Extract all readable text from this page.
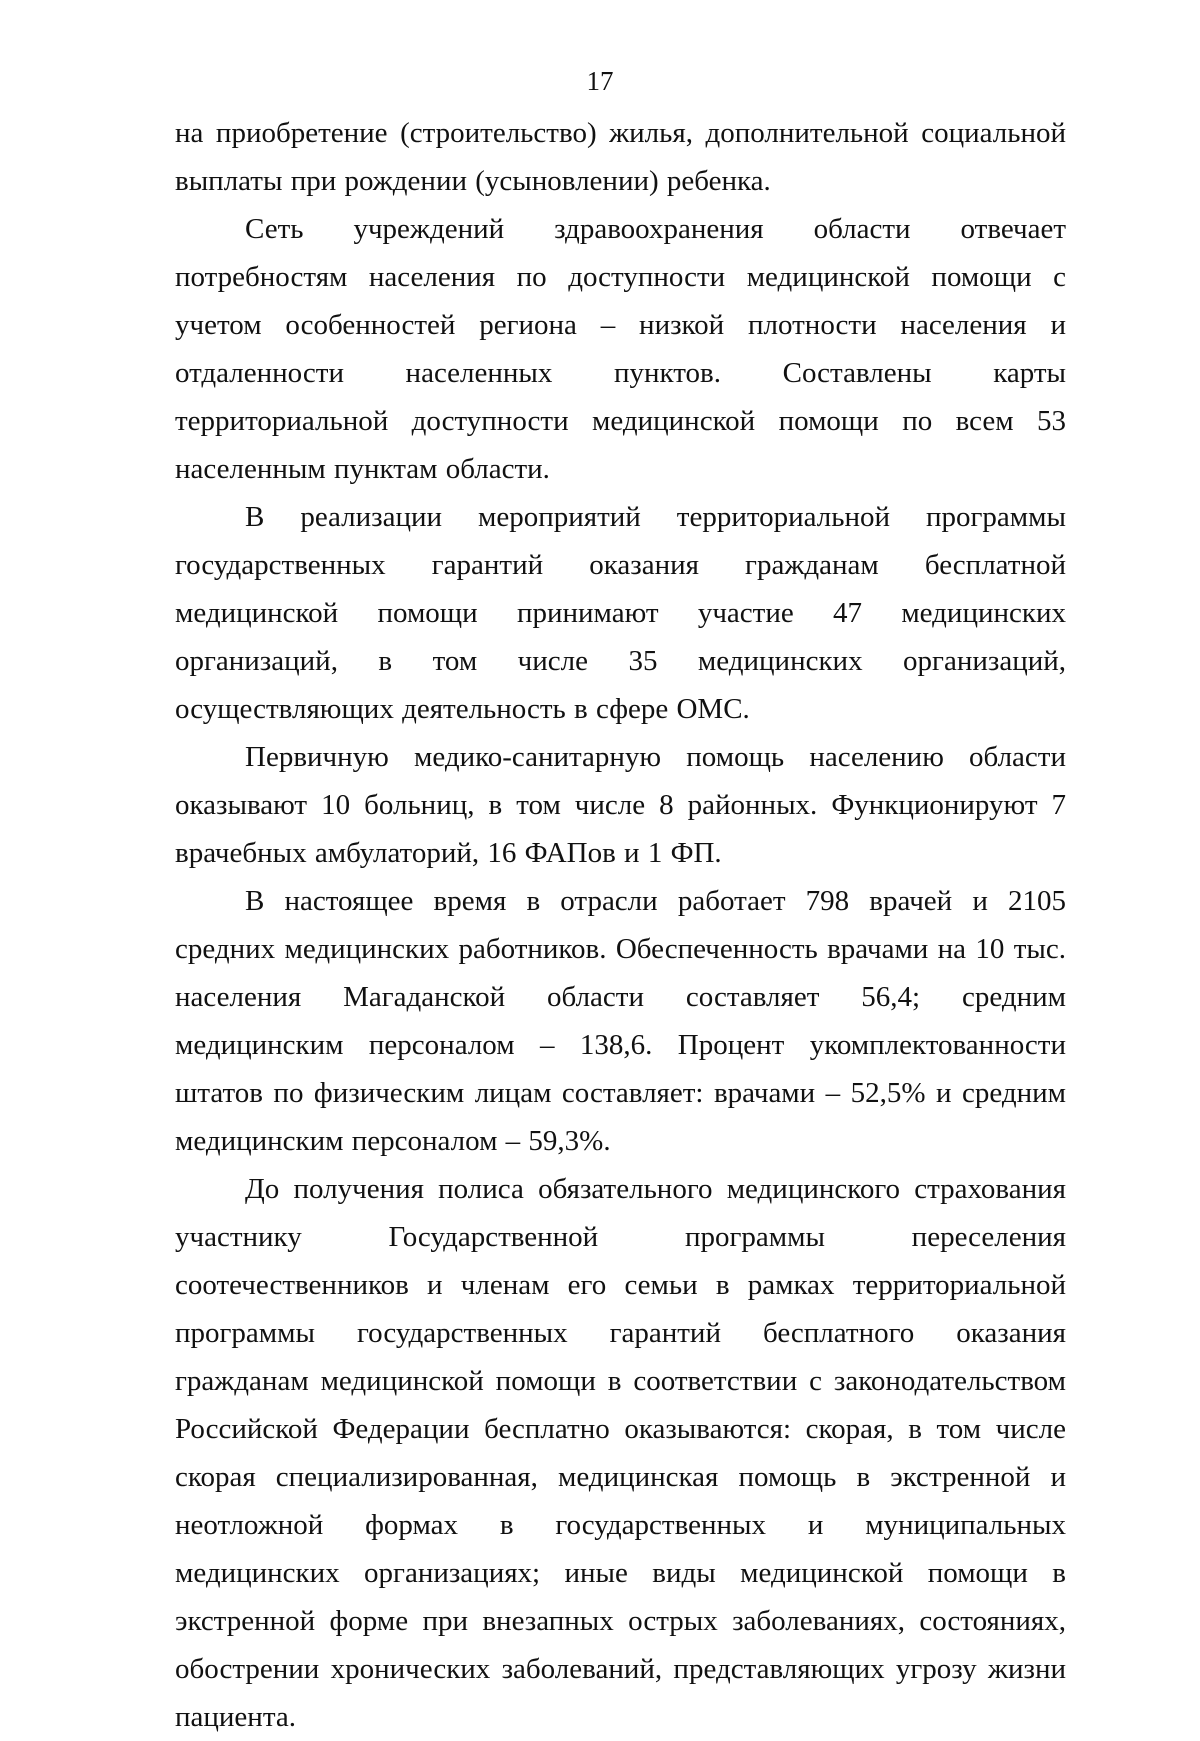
17

на приобретение (строительство) жилья, дополнительной социальной выплаты при рождении (усыновлении) ребенка.

Сеть учреждений здравоохранения области отвечает потребностям населения по доступности медицинской помощи с учетом особенностей региона – низкой плотности населения и отдаленности населенных пунктов. Составлены карты территориальной доступности медицинской помощи по всем 53 населенным пунктам области.

В реализации мероприятий территориальной программы государственных гарантий оказания гражданам бесплатной медицинской помощи принимают участие 47 медицинских организаций, в том числе 35 медицинских организаций, осуществляющих деятельность в сфере ОМС.

Первичную медико-санитарную помощь населению области оказывают 10 больниц, в том числе 8 районных. Функционируют 7 врачебных амбулаторий, 16 ФАПов и 1 ФП.

В настоящее время в отрасли работает 798 врачей и 2105 средних медицинских работников. Обеспеченность врачами на 10 тыс. населения Магаданской области составляет 56,4; средним медицинским персоналом – 138,6. Процент укомплектованности штатов по физическим лицам составляет: врачами – 52,5% и средним медицинским персоналом – 59,3%.

До получения полиса обязательного медицинского страхования участнику Государственной программы переселения соотечественников и членам его семьи в рамках территориальной программы государственных гарантий бесплатного оказания гражданам медицинской помощи в соответствии с законодательством Российской Федерации бесплатно оказываются: скорая, в том числе скорая специализированная, медицинская помощь в экстренной и неотложной формах в государственных и муниципальных медицинских организациях; иные виды медицинской помощи в экстренной форме при внезапных острых заболеваниях, состояниях, обострении хронических заболеваний, представляющих угрозу жизни пациента.
